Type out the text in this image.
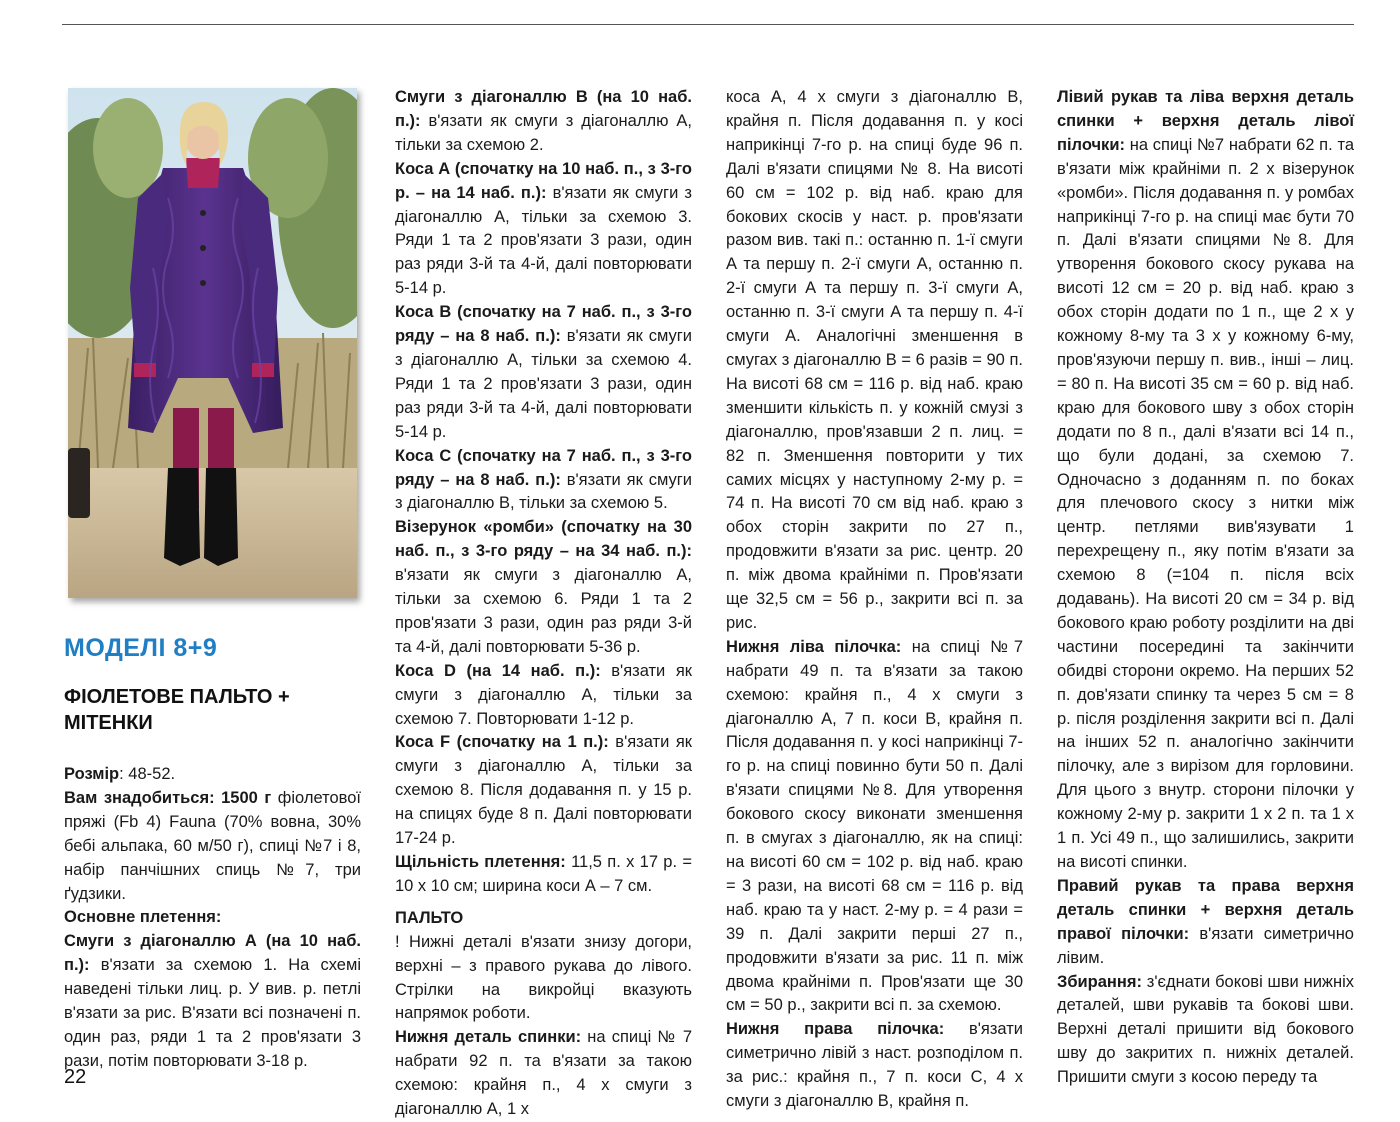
МОДЕЛІ 8+9
ФІОЛЕТОВЕ ПАЛЬТО + МІТЕНКИ

Розмір: 48-52.

Вам знадобиться: 1500 г фіолетової пряжі (Fb 4) Fauna (70% вовна, 30% бебі альпака, 60 м/50 г), спиці №7 і 8, набір панчішних спиць №7, три ґудзики.

Основне плетення:

Смуги з діагоналлю А (на 10 наб. п.): в'язати за схемою 1. На схемі наведені тільки лиц. р. У вив. р. петлі в'язати за рис. В'язати всі позначені п. один раз, ряди 1 та 2 пров'язати 3 рази, потім повторювати 3-18 р.

Смуги з діагоналлю В (на 10 наб. п.): в'язати як смуги з діагоналлю А, тільки за схемою 2.

Коса А (спочатку на 10 наб. п., з 3-го р. – на 14 наб. п.): в'язати як смуги з діагоналлю А, тільки за схемою 3. Ряди 1 та 2 пров'язати 3 рази, один раз ряди 3-й та 4-й, далі повторювати 5-14 р.

Коса В (спочатку на 7 наб. п., з 3-го ряду – на 8 наб. п.): в'язати як смуги з діагоналлю А, тільки за схемою 4. Ряди 1 та 2 пров'язати 3 рази, один раз ряди 3-й та 4-й, далі повторювати 5-14 р.

Коса С (спочатку на 7 наб. п., з 3-го ряду – на 8 наб. п.): в'язати як смуги з діагоналлю В, тільки за схемою 5.

Візерунок «ромби» (спочатку на 30 наб. п., з 3-го ряду – на 34 наб. п.): в'язати як смуги з діагоналлю А, тільки за схемою 6. Ряди 1 та 2 пров'язати 3 рази, один раз ряди 3-й та 4-й, далі повторювати 5-36 р.

Коса D (на 14 наб. п.): в'язати як смуги з діагоналлю А, тільки за схемою 7. Повторювати 1-12 р.

Коса F (спочатку на 1 п.): в'язати як смуги з діагоналлю А, тільки за схемою 8. Після додавання п. у 15 р. на спицях буде 8 п. Далі повторювати 17-24 р.

Щільність плетення: 11,5 п. х 17 р. = 10 х 10 см; ширина коси А – 7 см.

ПАЛЬТО

! Нижні деталі в'язати знизу догори, верхні – з правого рукава до лівого. Стрілки на викройці вказують напрямок роботи.

Нижня деталь спинки: на спиці № 7 набрати 92 п. та в'язати за такою схемою: крайня п., 4 х смуги з діагоналлю А, 1 х

коса А, 4 х смуги з діагоналлю В, крайня п. Після додавання п. у косі наприкінці 7-го р. на спиці буде 96 п. Далі в'язати спицями № 8. На висоті 60 см = 102 р. від наб. краю для бокових скосів у наст. р. пров'язати разом вив. такі п.: останню п. 1-ї смуги А та першу п. 2-ї смуги А, останню п. 2-ї смуги А та першу п. 3-ї смуги А, останню п. 3-ї смуги А та першу п. 4-ї смуги А. Аналогічні зменшення в смугах з діагоналлю В = 6 разів = 90 п. На висоті 68 см = 116 р. від наб. краю зменшити кількість п. у кожній смузі з діагоналлю, пров'язавши 2 п. лиц. = 82 п. Зменшення повторити у тих самих місцях у наступному 2-му р. = 74 п. На висоті 70 см від наб. краю з обох сторін закрити по 27 п., продовжити в'язати за рис. центр. 20 п. між двома крайніми п. Пров'язати ще 32,5 см = 56 р., закрити всі п. за рис.

Нижня ліва пілочка: на спиці №7 набрати 49 п. та в'язати за такою схемою: крайня п., 4 х смуги з діагоналлю А, 7 п. коси В, крайня п. Після додавання п. у косі наприкінці 7-го р. на спиці повинно бути 50 п. Далі в'язати спицями №8. Для утворення бокового скосу виконати зменшення п. в смугах з діагоналлю, як на спиці: на висоті 60 см = 102 р. від наб. краю = 3 рази, на висоті 68 см = 116 р. від наб. краю та у наст. 2-му р. = 4 рази = 39 п. Далі закрити перші 27 п., продовжити в'язати за рис. 11 п. між двома крайніми п. Пров'язати ще 30 см = 50 р., закрити всі п. за схемою.

Нижня права пілочка: в'язати симетрично лівій з наст. розподілом п. за рис.: крайня п., 7 п. коси С, 4 х смуги з діагоналлю В, крайня п.

Лівий рукав та ліва верхня деталь спинки + верхня деталь лівої пілочки: на спиці №7 набрати 62 п. та в'язати між крайніми п. 2 х візерунок «ромби». Після додавання п. у ромбах наприкінці 7-го р. на спиці має бути 70 п. Далі в'язати спицями №8. Для утворення бокового скосу рукава на висоті 12 см = 20 р. від наб. краю з обох сторін додати по 1 п., ще 2 х у кожному 8-му та 3 х у кожному 6-му, пров'язуючи першу п. вив., інші – лиц. = 80 п. На висоті 35 см = 60 р. від наб. краю для бокового шву з обох сторін додати по 8 п., далі в'язати всі 14 п., що були додані, за схемою 7. Одночасно з доданням п. по боках для плечового скосу з нитки між центр. петлями вив'язувати 1 перехрещену п., яку потім в'язати за схемою 8 (=104 п. після всіх додавань). На висоті 20 см = 34 р. від бокового краю роботу розділити на дві частини посередині та закінчити обидві сторони окремо. На перших 52 п. дов'язати спинку та через 5 см = 8 р. після розділення закрити всі п. Далі на інших 52 п. аналогічно закінчити пілочку, але з вирізом для горловини. Для цього з внутр. сторони пілочки у кожному 2-му р. закрити 1 х 2 п. та 1 х 1 п. Усі 49 п., що залишились, закрити на висоті спинки.

Правий рукав та права верхня деталь спинки + верхня деталь правої пілочки: в'язати симетрично лівим.

Збирання: з'єднати бокові шви нижніх деталей, шви рукавів та бокові шви. Верхні деталі пришити від бокового шву до закритих п. нижніх деталей. Пришити смуги з косою переду та

22
